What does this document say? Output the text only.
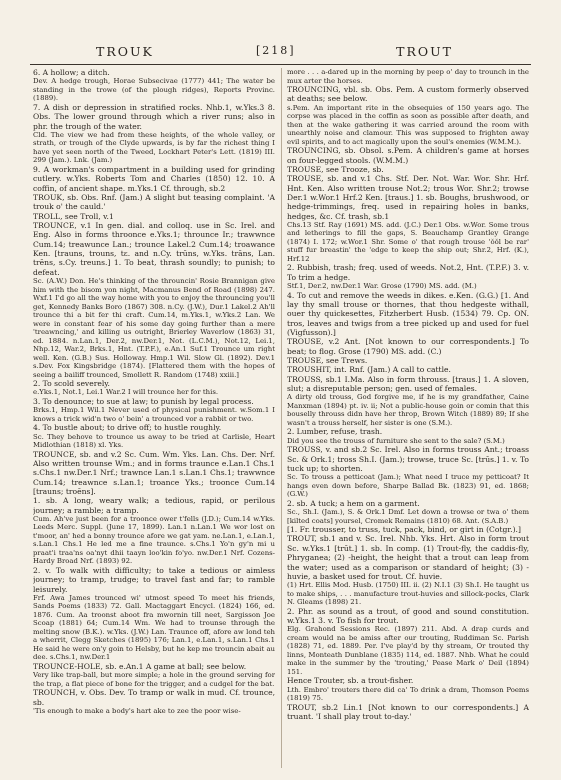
TROUK	[218]	TROUT

6. A hollow; a ditch.

Dev. A hedge trough, Horae Subsecivae (1777) 441; The water be standing in the trowe (of the plough ridges), Reports Provinc. (1889).

7. A dish or depression in stratified rocks. Nhb.1, w.Yks.3 8. Obs. The lower ground through which a river runs; also in phr. the trough of the water.

Cld. The view we had from these heights, of the whole valley, or strath, or trough of the Clyde upwards, is by far the richest thing I have yet seen north of the Tweed, Lockhart Peter's Lett. (1819) III. 299 (Jam.). Lnk. (Jam.)

9. A workman's compartment in a building used for grinding cutlery. w.Yks. Roberts Tom and Charles (1850) 12. 10. A coffin, of ancient shape. m.Yks.1 Cf. through, sb.2

TROUK, sb. Obs. Rnf. (Jam.) A slight but teasing complaint. 'A trouk o' the cauld.'

TROLL, see Troll, v.1

TROUNCE, v.1 In gen. dial. and colloq. use in Sc. Irel. and Eng. Also in forms throonce e.Yks.1; throunce Ir.; trawwnce Cum.14; treawunce Lan.; trounce Lakel.2 Cum.14; troawance Ken. [trauns, trouns, tɛ. and n.Cy. trūns, w.Yks. trāns, Lan. trēns, s.Cy. treuns.] 1. To beat, thrash soundly; to punish; to defeat.

Sc. (A.W.) Don. He's thinking of the throuncin' Rosie Brannigan give him with the bisom yon night, Macmanus Bend of Road (1898) 247. Wxf.1 I'd go all the way home with you to enjoy the throuncing you'll get, Kennedy Banks Boro (1867) 308. n.Cy. (J.W.), Dur.1 Lakel.2 Ah'll trounce thi a bit fer thi craft. Cum.14, m.Yks.1, w.Yks.2 Lan. We were in constant fear of his some day going further than a mere 'treawncing,' and killing us outright, Brierley Waverlow (1863) 31, ed. 1884. n.Lan.1, Der.2, nw.Der.1, Not. (L.C.M.), Not.12, Lei.1, Nhp.12, War.2, Brks.1, Hnt. (T.P.F.), e.An.1 Suf.1 Trounce um right well. Ken. (G.B.) Sus. Holloway. Hmp.1 Wil. Slow Gl. (1892). Dev.1 s.Dev. Fox Kingsbridge (1874). [Flattered them with the hopes of seeing a bailiff trounced, Smollett R. Random (1748) xxiii.]

2. To scold severely.

e.Yks.1, Not.1, Lei.1 War.2 I will trounce her for this.

3. To denounce; to sue at law; to punish by legal process.

Brks.1, Hmp.1 Wil.1 Never used of physical punishment. w.Som.1 I knows a trick wid'n two o' bein' a trounced vor a rabbit or two.

4. To bustle about; to drive off; to hustle roughly.

Sc. They behove to trounce us away to be tried at Carlisle, Heart Midlothian (1818) xl. Yks.

TROUNCE, sb. and v.2 Sc. Cum. Wm. Yks. Lan. Chs. Der. Nrf. Also written trounse Wm.; and in forms traunce e.Lan.1 Chs.1 s.Chs.1 nw.Der.1 Nrf.; trawnce Lan.1 s.Lan.1 Chs.1; trawwnce Cum.14; treawnce s.Lan.1; troance Yks.; troonce Cum.14 [trauns; troēns].

1. sb. A long, weary walk; a tedious, rapid, or perilous journey; a ramble; a tramp.

Cum. Ah've just been for a troonce ower t'fells (J.D.); Cum.14 w.Yks. Leeds Merc. Suppl. (June 17, 1899). Lan.1 n.Lan.1 We wor lost on t'moor, an' hed a bonny trounce afore we gat yam. ne.Lan.1, e.Lan.1, s.Lan.1 Chs.1 He led me a fine traunce. s.Chs.1 Yo'n gy'n mi u praat'i traa'ns oa'nyt dhii taayn loo'kin fo'yo. nw.Der.1 Nrf. Cozens-Hardy Broad Nrf. (1893) 92.

2. v. To walk with difficulty; to take a tedious or aimless journey; to tramp, trudge; to travel fast and far; to ramble leisurely.

Frf. Awa James trounced wi' utmost speed To meet his friends, Sands Poems (1833) 72. Gall. Mactaggart Encycl. (1824) 166, ed. 1876. Cum. Aa troonst aboot fra mwornin till neet, Sargisson Joe Scoap (1881) 64; Cum.14 Wm. We had to trounse through the melting snow (B.K.). w.Yks. (J.W.) Lan. Traunce off, afore aw lond teh a wherrit, Clegg Sketches (1895) 176; Lan.1, e.Lan.1, s.Lan.1 Chs.1 He said he were on'y goin to Helsby, but he kep me trouncin abait au dee. s.Chs.1, nw.Der.1

TROUNCE-HOLE, sb. e.An.1 A game at ball; see below.

Very like trap-ball, but more simple; a hole in the ground serving for the trap, a flat piece of bone for the trigger, and a cudgel for the bat.

TROUNCH, v. Obs. Dev. To tramp or walk in mud. Cf. trounce, sb.

'Tis enough to make a body's hart ake to zee the poor wise-

more . . . a-dared up in the morning by peep o' day to trounch in the mux arter the horses.

TROUNCING, vbl. sb. Obs. Pem. A custom formerly observed at deaths; see below.

s.Pem. An important rite in the obsequies of 150 years ago. The corpse was placed in the coffin as soon as possible after death, and then at the wake gathering it was carried around the room with unearthly noise and clamour. This was supposed to frighten away evil spirits, and to act magically upon the soul's enemies (W.M.M.).

TROUNCING, sb. Obsol. s.Pem. A children's game at horses on four-legged stools. (W.M.M.)

TROUSE, see Trooze, sb.

TROUSE, sb. and v.1 Chs. Stf. Der. Not. War. Wor. Shr. Hrf. Hnt. Ken. Also written trouse Not.2; trous Wor. Shr.2; trowse Der.1 w.Wor.1 Hrf.2 Ken. [traus.] 1. sb. Boughs, brushwood, or hedge-trimmings, freq. used in repairing holes in banks, hedges, &c. Cf. trash, sb.1

Chs.13 Stf. Ray (1691) MS. add. (J.C.) Der.1 Obs. w.Wor. Some trous and letherings to fill the gaps, S. Beauchamp Grantley Grange (1874) I. 172; w.Wor.1 Shr. Some o' that rough trouse 'ŏŏl be rar' stuff fur breastin' the 'edge to keep the ship out; Shr.2, Hrf. (K.), Hrf.12

2. Rubbish, trash; freq. used of weeds. Not.2, Hnt. (T.P.F.) 3. v. To trim a hedge.

Stf.1, Der.2, nw.Der.1 War. Grose (1790) MS. add. (M.)

4. To cut and remove the weeds in dikes. e.Ken. (G.G.) [1. And lay thy small trouse or thornes, that thou hedgeste withall, ouer thy quickesettes, Fitzherbert Husb. (1534) 79. Cp. ON. tros, leaves and twigs from a tree picked up and used for fuel (Vigfusson).]

TROUSE, v.2 Ant. [Not known to our correspondents.] To beat; to flog. Grose (1790) MS. add. (C.)

TROUSE, see Trews.

TROUSHIT, int. Rnf. (Jam.) A call to cattle.

TROUSS, sb.1 I.Ma. Also in form throuss. [traus.] 1. A sloven, slut; a disreputable person; gen. used of females.

A dirty old trouss, God forgive me, if he is my grandfather, Caine Manxman (1894) pt. iv. ii; Not a public-house goin or comin that this bouselly throuss didn have her throp, Brown Witch (1889) 89; If she wasn't a trouss herself, her sister is one (S.M.).

2. Lumber, refuse, trash.

Did you see the trouss of furniture she sent to the sale? (S.M.)

TROUSS, v. and sb.2 Sc. Irel. Also in forms trouss Ant.; troass Sc. & Ork.1; tross Sh.I. (Jam.); trowse, truce Sc. [trūs.] 1. v. To tuck up; to shorten.

Sc. To trouss a petticoat (Jam.); What need I truce my petticoat? It hangs even down before, Sharpe Ballad Bk. (1823) 91, ed. 1868; (G.W.)

2. sb. A tuck; a hem on a garment.

Sc., Sh.I. (Jam.), S. & Ork.1 Dmf. Let down a trowse or twa o' them [kilted coats] yoursel, Cromek Remains (1810) 68. Ant. (S.A.B.)

[1. Fr. trousser, to truss, tuck, pack, bind, or girt in (Cotgr.).]

TROUT, sb.1 and v. Sc. Irel. Nhb. Yks. Hrt. Also in form trout Sc. w.Yks.1 [trūt.] 1. sb. In comp. (1) Trout-fly, the caddis-fly, Phryganea; (2) -height, the height that a trout can leap from the water; used as a comparison or standard of height; (3) -huvie, a basket used for trout. Cf. huvie.

(1) Hrt. Ellis Mod. Husb. (1750) III. ii. (2) N.I.1 (3) Sh.I. He taught us to make ships, . . . manufacture trout-huvies and sillock-pocks, Clark N. Gleams (1898) 21.

2. Phr. as sound as a trout, of good and sound constitution. w.Yks.1 3. v. To fish for trout.

Elg. Grahond Sessions Rec. (1897) 211. Abd. A drap curds and cream would na be amiss after our trouting, Ruddiman Sc. Parish (1828) 71, ed. 1889. Per. I've play'd by thy stream, Or trouted thy linns, Monteath Dunblane (1835) 114, ed. 1887. Nhb. What he could make in the summer by the 'trouting,' Pease Mark o' Deil (1894) 151.

Hence Trouter, sb. a trout-fisher.

Lth. Embro' trouters there did ca' To drink a dram, Thomson Poems (1819) 75.

TROUT, sb.2 Lin.1 [Not known to our correspondents.] A truant. 'I shall play trout to-day.'
